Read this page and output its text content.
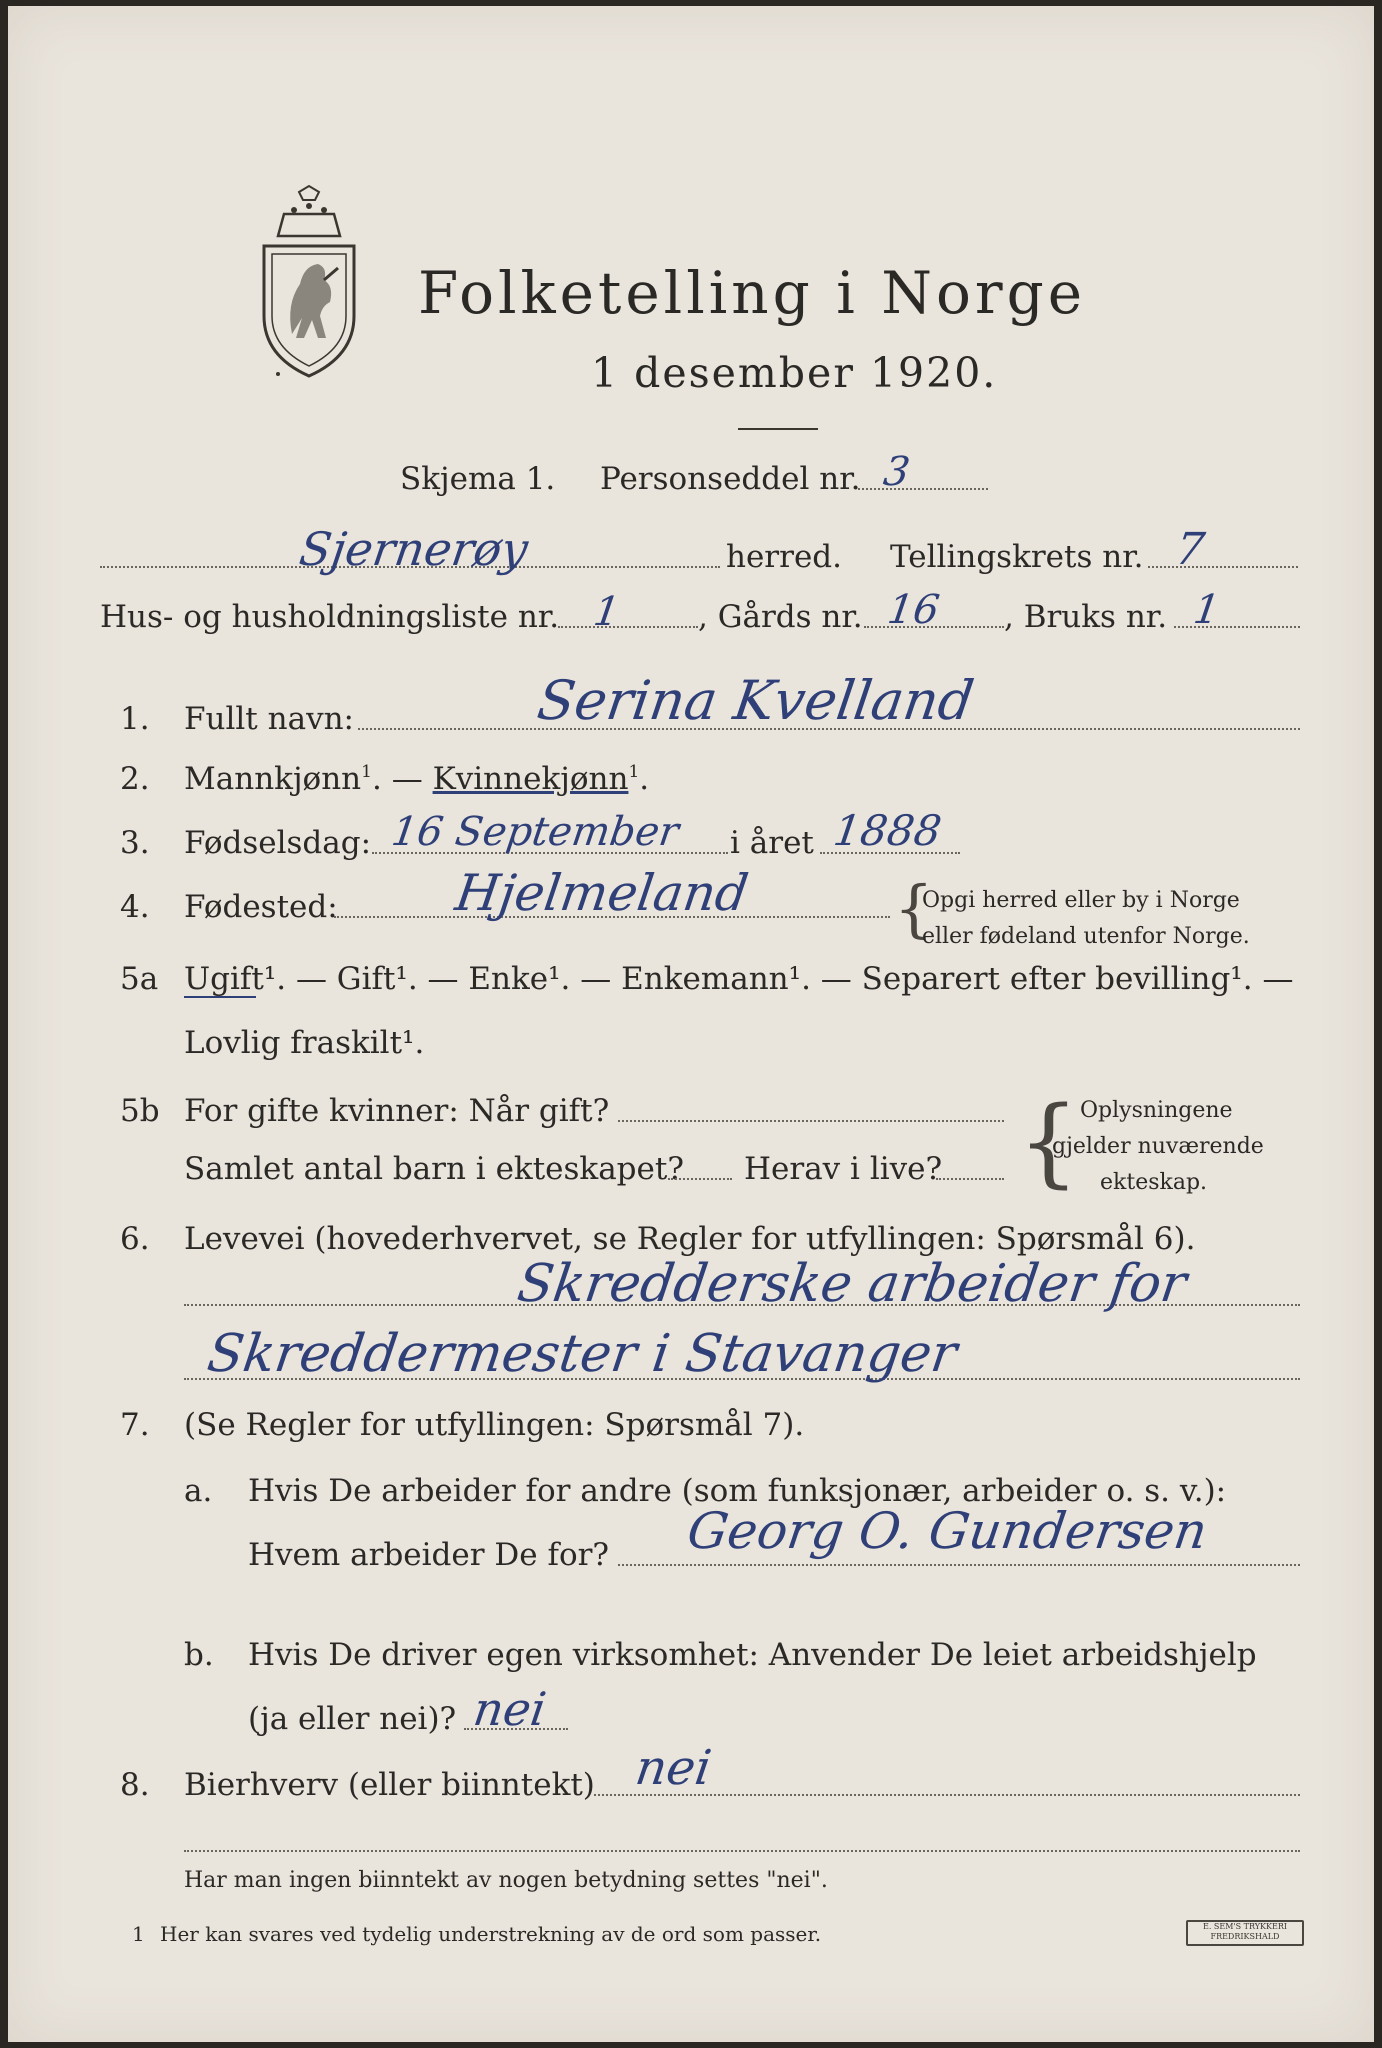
Folketelling i Norge
1 desember 1920.
Skjema 1. Personseddel nr. 3
Sjernerøy	herred. Tellingskrets nr. 7
Hus- og husholdningsliste nr. 1 , Gårds nr. 16 , Bruks nr. 1
1. Fullt navn:	Serina Kvelland
2. Mannkjønn$^1$. — Kvinnekjønn$^1$.
3. Fødselsdag: 16 September i året 1888
4. Fødested: Hjelmeland {
Opgi herred eller by i Norge
eller fødeland utenfor Norge.
5a Ugift¹. — Gift¹. — Enke¹. — Enkemann¹. — Separert efter bevilling¹. —
Lovlig fraskilt¹.
5b For gifte kvinner: Når gift?
Samlet antal barn i ekteskapet? Herav i live? { Oplysningene
gjelder nuværende
ekteskap.
6. Levevei (hovederhvervet, se Regler for utfyllingen: Spørsmål 6).
Skredderske arbeider for
Skreddermester i Stavanger
7. (Se Regler for utfyllingen: Spørsmål 7).
a. Hvis De arbeider for andre (som funksjonær, arbeider o. s. v.):
Hvem arbeider De for? Georg O. Gundersen
b. Hvis De driver egen virksomhet: Anvender De leiet arbeidshjelp
(ja eller nei)? nei
8. Bierhverv (eller biinntekt) nei
Har man ingen biinntekt av nogen betydning settes "nei".
1 Her kan svares ved tydelig understrekning av de ord som passer.	E. SEM'S TRYKKERI FREDRIKSHALD
